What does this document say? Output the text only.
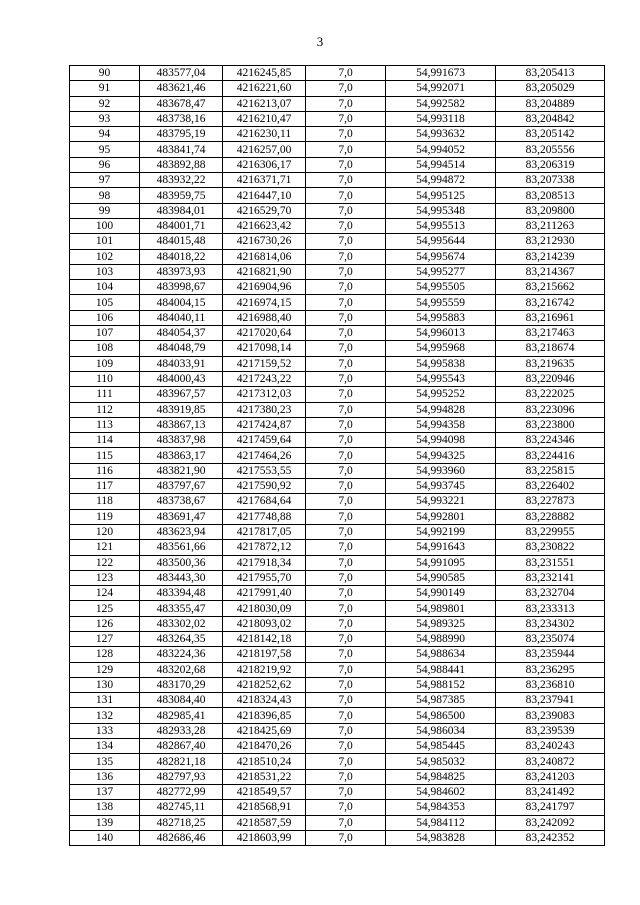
3
90	483577,04	4216245,85	7,0	54,991673	83,205413
91	483621,46	4216221,60	7,0	54,992071	83,205029
92	483678,47	4216213,07	7,0	54,992582	83,204889
93	483738,16	4216210,47	7,0	54,993118	83,204842
94	483795,19	4216230,11	7,0	54,993632	83,205142
95	483841,74	4216257,00	7,0	54,994052	83,205556
96	483892,88	4216306,17	7,0	54,994514	83,206319
97	483932,22	4216371,71	7,0	54,994872	83,207338
98	483959,75	4216447,10	7,0	54,995125	83,208513
99	483984,01	4216529,70	7,0	54,995348	83,209800
100	484001,71	4216623,42	7,0	54,995513	83,211263
101	484015,48	4216730,26	7,0	54,995644	83,212930
102	484018,22	4216814,06	7,0	54,995674	83,214239
103	483973,93	4216821,90	7,0	54,995277	83,214367
104	483998,67	4216904,96	7,0	54,995505	83,215662
105	484004,15	4216974,15	7,0	54,995559	83,216742
106	484040,11	4216988,40	7,0	54,995883	83,216961
107	484054,37	4217020,64	7,0	54,996013	83,217463
108	484048,79	4217098,14	7,0	54,995968	83,218674
109	484033,91	4217159,52	7,0	54,995838	83,219635
110	484000,43	4217243,22	7,0	54,995543	83,220946
111	483967,57	4217312,03	7,0	54,995252	83,222025
112	483919,85	4217380,23	7,0	54,994828	83,223096
113	483867,13	4217424,87	7,0	54,994358	83,223800
114	483837,98	4217459,64	7,0	54,994098	83,224346
115	483863,17	4217464,26	7,0	54,994325	83,224416
116	483821,90	4217553,55	7,0	54,993960	83,225815
117	483797,67	4217590,92	7,0	54,993745	83,226402
118	483738,67	4217684,64	7,0	54,993221	83,227873
119	483691,47	4217748,88	7,0	54,992801	83,228882
120	483623,94	4217817,05	7,0	54,992199	83,229955
121	483561,66	4217872,12	7,0	54,991643	83,230822
122	483500,36	4217918,34	7,0	54,991095	83,231551
123	483443,30	4217955,70	7,0	54,990585	83,232141
124	483394,48	4217991,40	7,0	54,990149	83,232704
125	483355,47	4218030,09	7,0	54,989801	83,233313
126	483302,02	4218093,02	7,0	54,989325	83,234302
127	483264,35	4218142,18	7,0	54,988990	83,235074
128	483224,36	4218197,58	7,0	54,988634	83,235944
129	483202,68	4218219,92	7,0	54,988441	83,236295
130	483170,29	4218252,62	7,0	54,988152	83,236810
131	483084,40	4218324,43	7,0	54,987385	83,237941
132	482985,41	4218396,85	7,0	54,986500	83,239083
133	482933,28	4218425,69	7,0	54,986034	83,239539
134	482867,40	4218470,26	7,0	54,985445	83,240243
135	482821,18	4218510,24	7,0	54,985032	83,240872
136	482797,93	4218531,22	7,0	54,984825	83,241203
137	482772,99	4218549,57	7,0	54,984602	83,241492
138	482745,11	4218568,91	7,0	54,984353	83,241797
139	482718,25	4218587,59	7,0	54,984112	83,242092
140	482686,46	4218603,99	7,0	54,983828	83,242352
